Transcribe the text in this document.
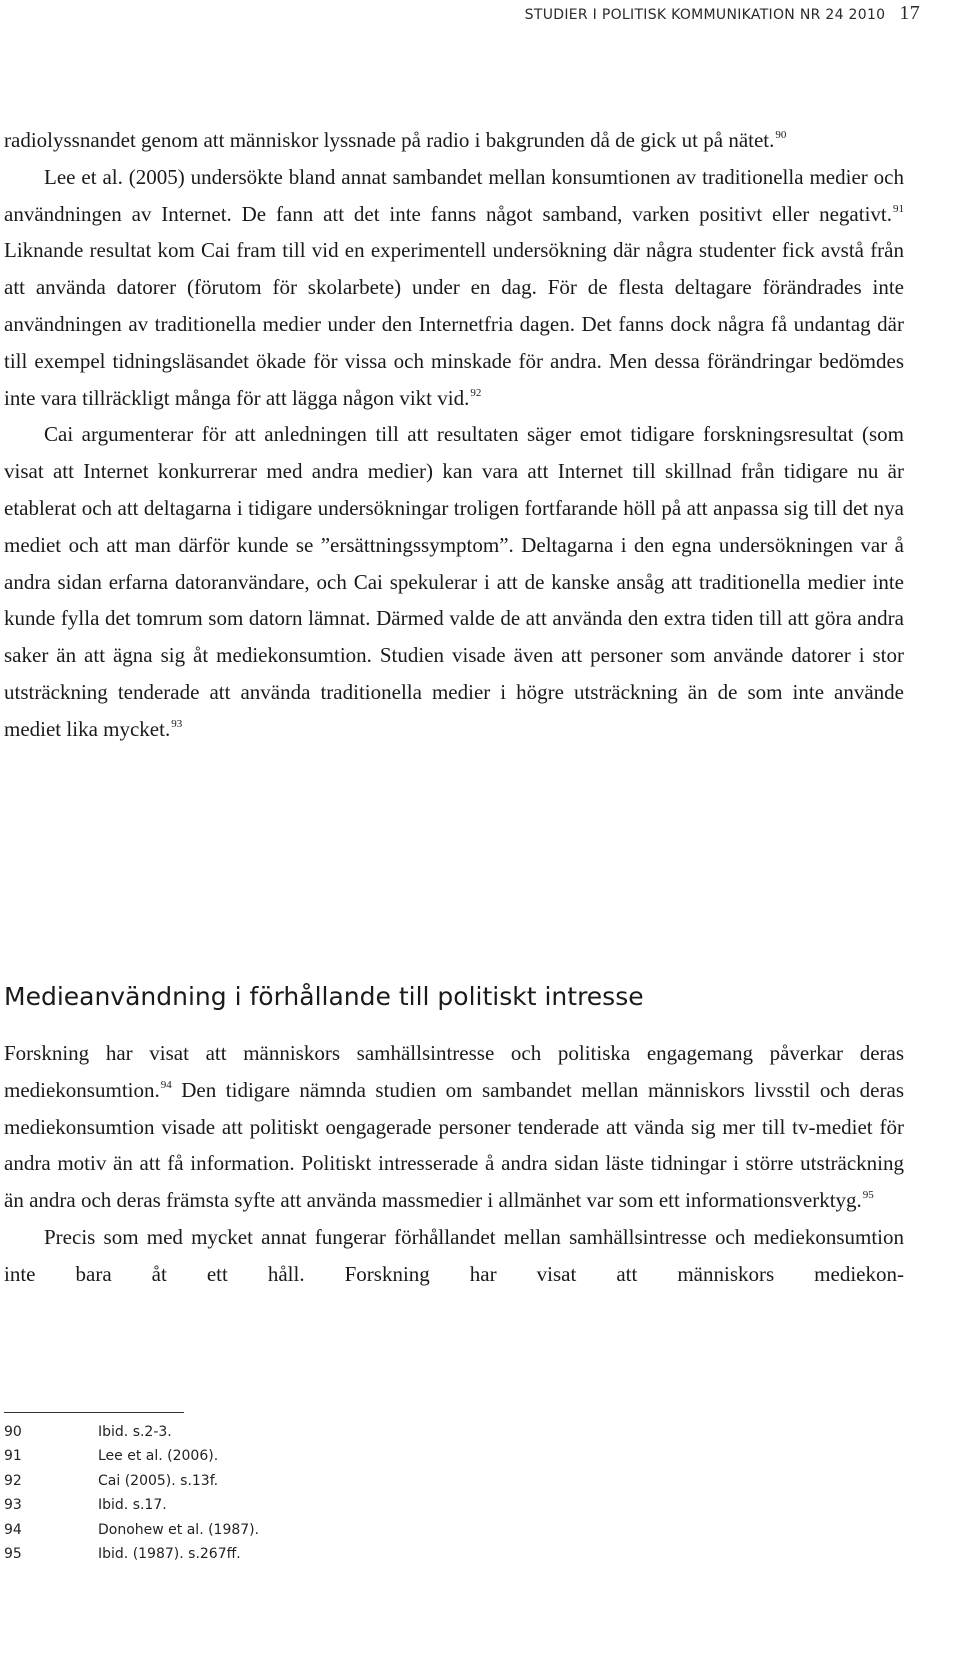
STUDIER I POLITISK KOMMUNIKATION NR 24 2010 17

radiolyssnandet genom att människor lyssnade på radio i bakgrunden då de gick ut på nätet.$^{90}$

Lee et al. (2005) undersökte bland annat sambandet mellan konsumtionen av traditionella medier och användningen av Internet. De fann att det inte fanns något samband, varken positivt eller negativt.$^{91}$ Liknande resultat kom Cai fram till vid en experimentell undersökning där några studenter fick avstå från att använda datorer (förutom för skolarbete) under en dag. För de flesta deltagare förändrades inte användningen av traditionella medier under den Internetfria dagen. Det fanns dock några få undantag där till exempel tidningsläsandet ökade för vissa och minskade för andra. Men dessa förändringar bedömdes inte vara tillräckligt många för att lägga någon vikt vid.$^{92}$

Cai argumenterar för att anledningen till att resultaten säger emot tidigare forskningsresultat (som visat att Internet konkurrerar med andra medier) kan vara att Internet till skillnad från tidigare nu är etablerat och att deltagarna i tidigare undersökningar troligen fortfarande höll på att anpassa sig till det nya mediet och att man därför kunde se ”ersättningssymptom”. Deltagarna i den egna undersökningen var å andra sidan erfarna datoranvändare, och Cai spekulerar i att de kanske ansåg att traditionella medier inte kunde fylla det tomrum som datorn lämnat. Därmed valde de att använda den extra tiden till att göra andra saker än att ägna sig åt mediekonsumtion. Studien visade även att personer som använde datorer i stor utsträckning tenderade att använda traditionella medier i högre utsträckning än de som inte använde mediet lika mycket.$^{93}$

Medieanvändning i förhållande till politiskt intresse

Forskning har visat att människors samhällsintresse och politiska engagemang påverkar deras mediekonsumtion.$^{94}$ Den tidigare nämnda studien om sambandet mellan människors livsstil och deras mediekonsumtion visade att politiskt oengagerade personer tenderade att vända sig mer till tv-mediet för andra motiv än att få information. Politiskt intresserade å andra sidan läste tidningar i större utsträckning än andra och deras främsta syfte att använda massmedier i allmänhet var som ett informationsverktyg.$^{95}$

Precis som med mycket annat fungerar förhållandet mellan samhällsintresse och mediekonsumtion inte bara åt ett håll. Forskning har visat att människors mediekon-

90	Ibid. s.2-3.
91	Lee et al. (2006).
92	Cai (2005). s.13f.
93	Ibid. s.17.
94	Donohew et al. (1987).
95	Ibid. (1987). s.267ff.
